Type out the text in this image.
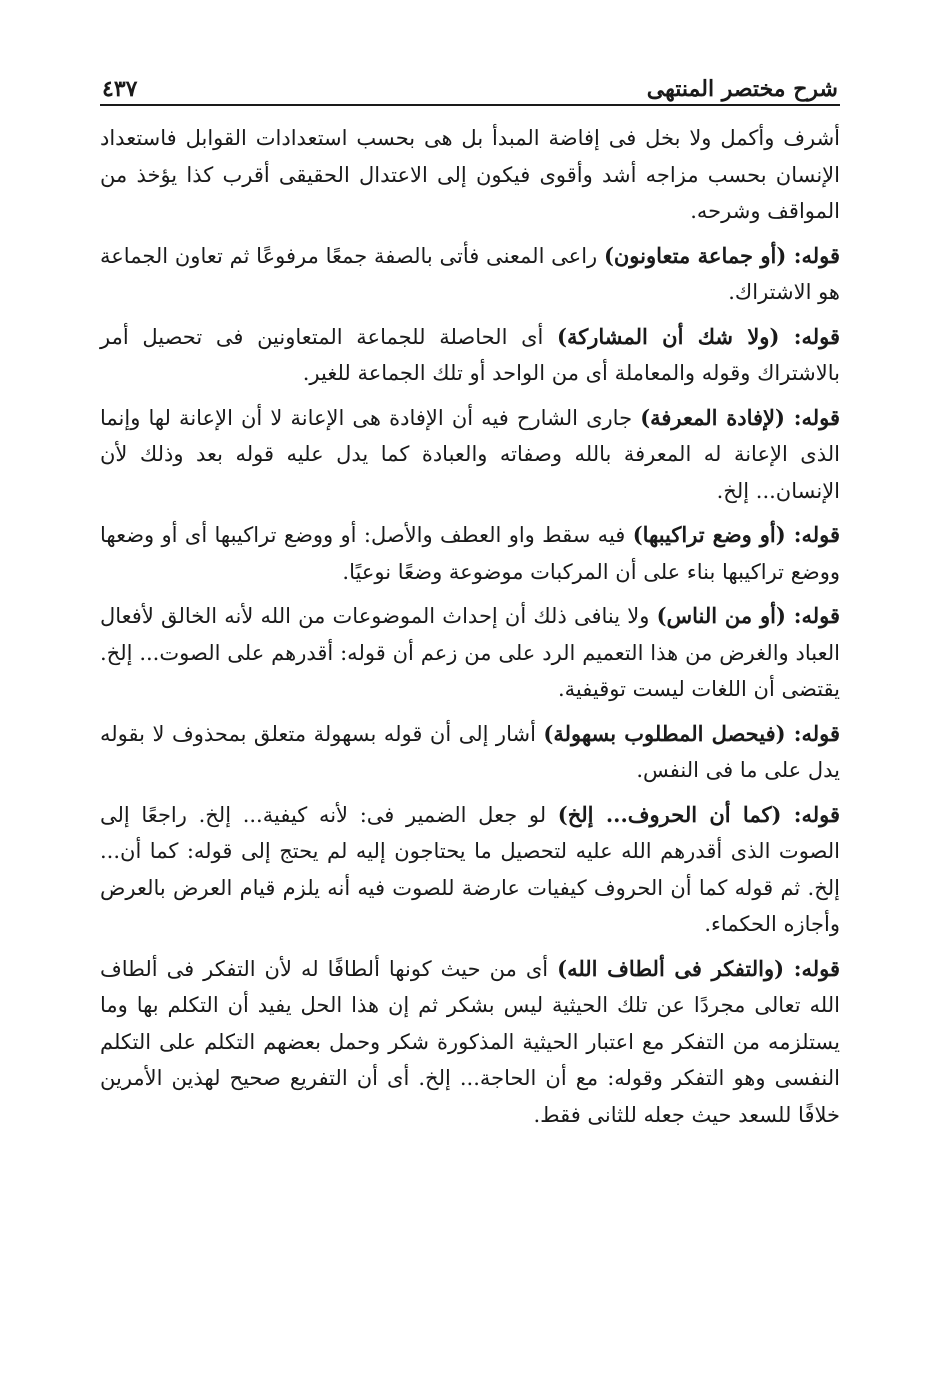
شرح مختصر المنتهى
٤٣٧

أشرف وأكمل ولا بخل فى إفاضة المبدأ بل هى بحسب استعدادات القوابل فاستعداد الإنسان بحسب مزاجه أشد وأقوى فيكون إلى الاعتدال الحقيقى أقرب كذا يؤخذ من المواقف وشرحه.

قوله: (أو جماعة متعاونون) راعى المعنى فأتى بالصفة جمعًا مرفوعًا ثم تعاون الجماعة هو الاشتراك.

قوله: (ولا شك أن المشاركة) أى الحاصلة للجماعة المتعاونين فى تحصيل أمر بالاشتراك وقوله والمعاملة أى من الواحد أو تلك الجماعة للغير.

قوله: (لإفادة المعرفة) جارى الشارح فيه أن الإفادة هى الإعانة لا أن الإعانة لها وإنما الذى الإعانة له المعرفة بالله وصفاته والعبادة كما يدل عليه قوله بعد وذلك لأن الإنسان... إلخ.

قوله: (أو وضع تراكيبها) فيه سقط واو العطف والأصل: أو ووضع تراكيبها أى أو وضعها ووضع تراكيبها بناء على أن المركبات موضوعة وضعًا نوعيًا.

قوله: (أو من الناس) ولا ينافى ذلك أن إحداث الموضوعات من الله لأنه الخالق لأفعال العباد والغرض من هذا التعميم الرد على من زعم أن قوله: أقدرهم على الصوت... إلخ. يقتضى أن اللغات ليست توقيفية.

قوله: (فيحصل المطلوب بسهولة) أشار إلى أن قوله بسهولة متعلق بمحذوف لا بقوله يدل على ما فى النفس.

قوله: (كما أن الحروف... إلخ) لو جعل الضمير فى: لأنه كيفية... إلخ. راجعًا إلى الصوت الذى أقدرهم الله عليه لتحصيل ما يحتاجون إليه لم يحتج إلى قوله: كما أن... إلخ. ثم قوله كما أن الحروف كيفيات عارضة للصوت فيه أنه يلزم قيام العرض بالعرض وأجازه الحكماء.

قوله: (والتفكر فى ألطاف الله) أى من حيث كونها ألطافًا له لأن التفكر فى ألطاف الله تعالى مجردًا عن تلك الحيثية ليس بشكر ثم إن هذا الحل يفيد أن التكلم بها وما يستلزمه من التفكر مع اعتبار الحيثية المذكورة شكر وحمل بعضهم التكلم على التكلم النفسى وهو التفكر وقوله: مع أن الحاجة... إلخ. أى أن التفريع صحيح لهذين الأمرين خلافًا للسعد حيث جعله للثانى فقط.
